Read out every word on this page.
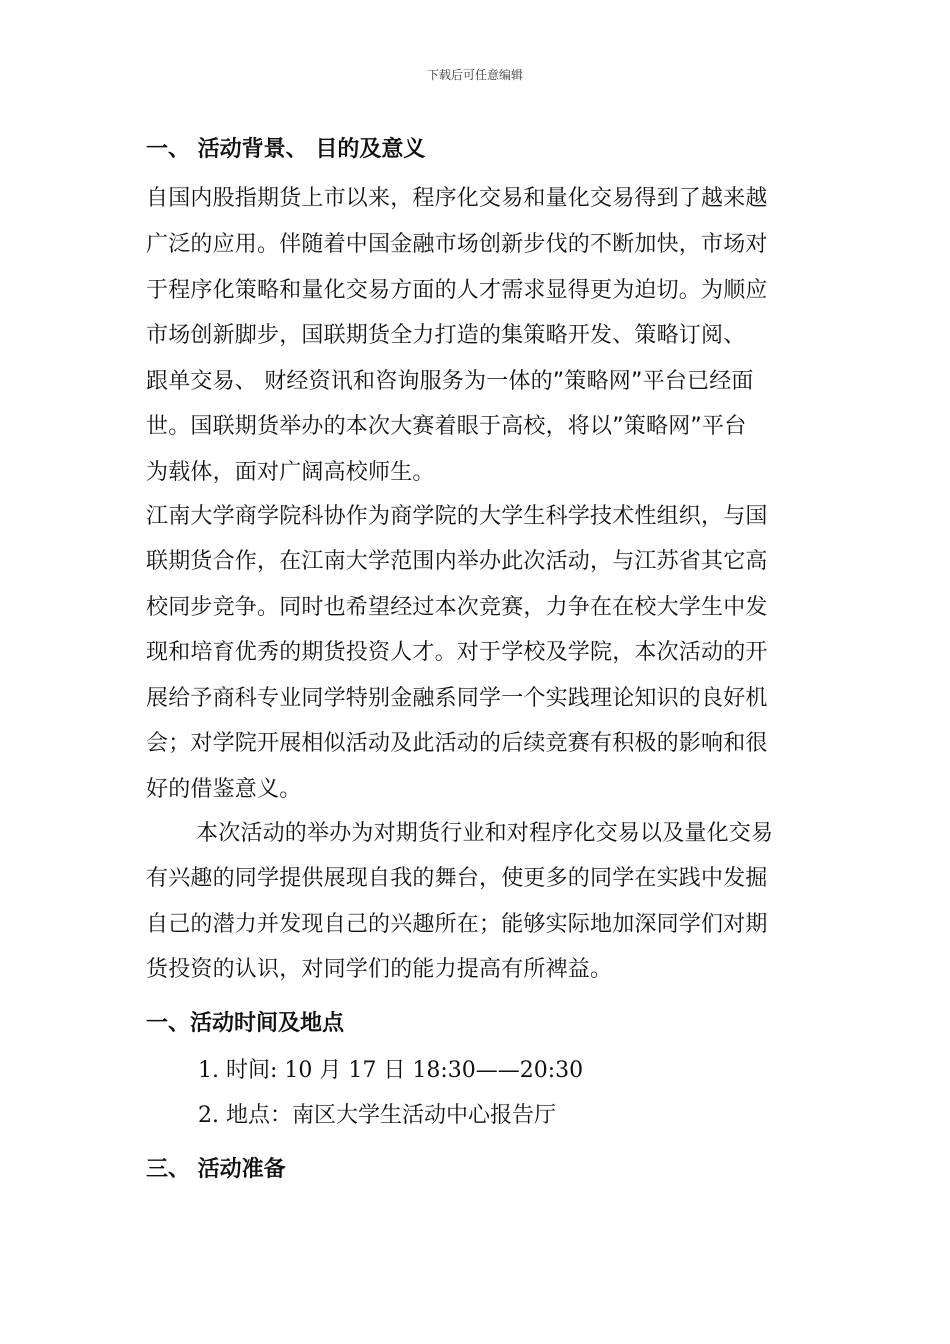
下载后可任意编辑
一、 活动背景、 目的及意义
自国内股指期货上市以来，程序化交易和量化交易得到了越来越
广泛的应用。伴随着中国金融市场创新步伐的不断加快，市场对
于程序化策略和量化交易方面的人才需求显得更为迫切。为顺应
市场创新脚步，国联期货全力打造的集策略开发、策略订阅、
跟单交易、 财经资讯和咨询服务为一体的”策略网”平台已经面
世。国联期货举办的本次大赛着眼于高校，将以”策略网”平台
为载体，面对广阔高校师生。
江南大学商学院科协作为商学院的大学生科学技术性组织，与国
联期货合作，在江南大学范围内举办此次活动，与江苏省其它高
校同步竞争。同时也希望经过本次竞赛，力争在在校大学生中发
现和培育优秀的期货投资人才。对于学校及学院，本次活动的开
展给予商科专业同学特别金融系同学一个实践理论知识的良好机
会；对学院开展相似活动及此活动的后续竞赛有积极的影响和很
好的借鉴意义。
本次活动的举办为对期货行业和对程序化交易以及量化交易
有兴趣的同学提供展现自我的舞台，使更多的同学在实践中发掘
自己的潜力并发现自己的兴趣所在；能够实际地加深同学们对期
货投资的认识，对同学们的能力提高有所裨益。
一、活动时间及地点
1. 时间: 10 月 17 日 18:30——20:30
2. 地点：南区大学生活动中心报告厅
三、 活动准备
